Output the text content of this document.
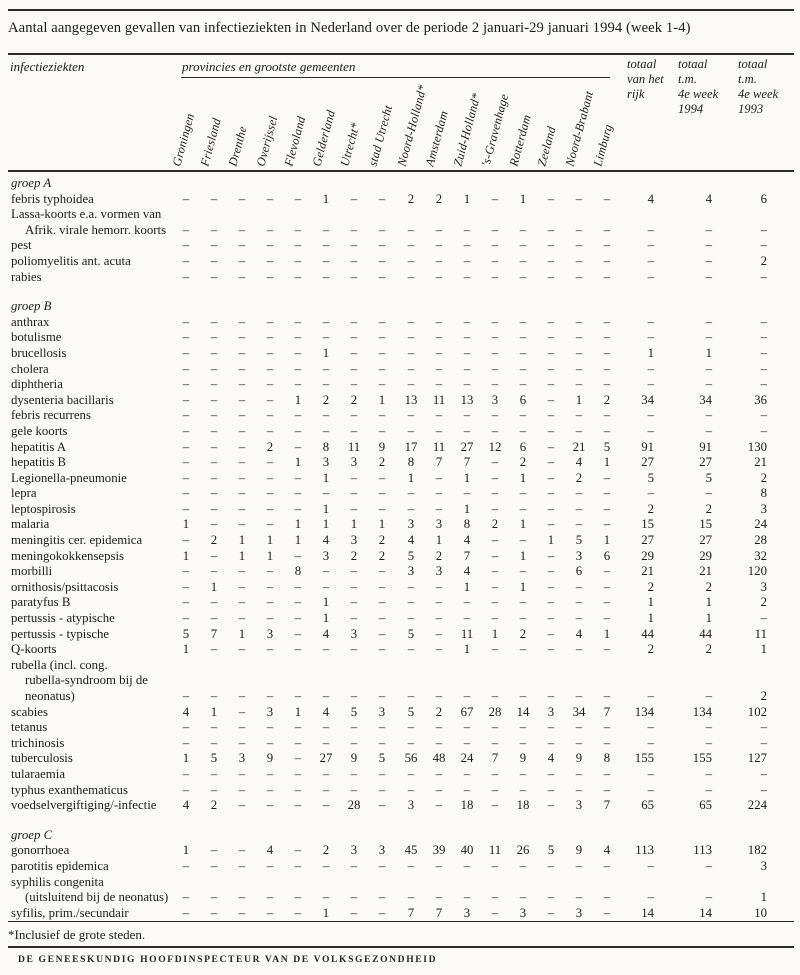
Aantal aangegeven gevallen van infectieziekten in Nederland over de periode 2 januari-29 januari 1994 (week 1-4)
infectieziekten	provincies en grootste gemeenten
Groningen Friesland Drenthe Overijssel Flevoland Gelderland Utrecht* stad Utrecht Noord-Holland*
Amsterdam Zuid-Holland*
's-Gravenhage
Rotterdam Zeeland Noord-Brabant
Limburg
totaal
van het
rijk
totaal
t.m.
4e week
1994
totaal
t.m.
4e week
1993
groep A
febris typhoidea	– – – – – 1 – – 2 2 1 – 1 – – –	4	4	6
Lassa-koorts e.a. vormen van
Afrik. virale hemorr. koorts – – – – – – – – – – – – – – – –	–	–	–
pest	– – – – – – – – – – – – – – – –	–	–	–
poliomyelitis ant. acuta	– – – – – – – – – – – – – – – –	–	–	2
rabies	– – – – – – – – – – – – – – – –	–	–	–
groep B
anthrax	– – – – – – – – – – – – – – – –	–	–	–
botulisme	– – – – – – – – – – – – – – – –	–	–	–
brucellosis	– – – – – 1 – – – – – – – – – –	1	1	–
cholera	– – – – – – – – – – – – – – – –	–	–	–
diphtheria	– – – – – – – – – – – – – – – –	–	–	–
dysenteria bacillaris	– – – – 1 2 2 1 13 11 13 3 6 – 1 2	34	34	36
febris recurrens	– – – – – – – – – – – – – – – –	–	–	–
gele koorts	– – – – – – – – – – – – – – – –	–	–	–
hepatitis A	– – – 2 – 8 11 9 17 11 27 12 6 – 21 5	91	91	130
hepatitis B	– – – – 1 3 3 2 8 7 7 – 2 – 4 1	27	27	21
Legionella-pneumonie	– – – – – 1 – – 1 – 1 – 1 – 2 –	5	5	2
lepra	– – – – – – – – – – – – – – – –	–	–	8
leptospirosis	– – – – – 1 – – – – 1 – – – – –	2	2	3
malaria	1 – – – 1 1 1 1 3 3 8 2 1 – – –	15	15	24
meningitis cer. epidemica	– 2 1 1 1 4 3 2 4 1 4 – – 1 5 1	27	27	28
meningokokkensepsis	1 – 1 1 – 3 2 2 5 2 7 – 1 – 3 6	29	29	32
morbilli	– – – – 8 – – – 3 3 4 – – – 6 –	21	21	120
ornithosis/psittacosis	– 1 – – – – – – – – 1 – 1 – – –	2	2	3
paratyfus B	– – – – – 1 – – – – – – – – – –	1	1	2
pertussis - atypische	– – – – – 1 – – – – – – – – – –	1	1	–
pertussis - typische	5 7 1 3 – 4 3 – 5 – 11 1 2 – 4 1	44	44	11
Q-koorts	1 – – – – – – – – – 1 – – – – –	2	2	1
rubella (incl. cong.
rubella-syndroom bij de
neonatus)	– – – – – – – – – – – – – – – –	–	–	2
scabies	4 1 – 3 1 4 5 3 5 2 67 28 14 3 34 7	134	134	102
tetanus	– – – – – – – – – – – – – – – –	–	–	–
trichinosis	– – – – – – – – – – – – – – – –	–	–	–
tuberculosis	1 5 3 9 – 27 9 5 56 48 24 7 9 4 9 8	155	155	127
tularaemia	– – – – – – – – – – – – – – – –	–	–	–
typhus exanthematicus	– – – – – – – – – – – – – – – –	–	–	–
voedselvergiftiging/-infectie 4 2 – – – – 28 – 3 – 18 – 18 – 3 7	65	65	224
groep C
gonorrhoea	1 – – 4 – 2 3 3 45 39 40 11 26 5 9 4	113	113	182
parotitis epidemica	– – – – – – – – – – – – – – – –	–	–	3
syphilis congenita
(uitsluitend bij de neonatus) – – – – – – – – – – – – – – – –	–	–	1
syfilis, prim./secundair	– – – – – 1 – – 7 7 3 – 3 – 3 –	14	14	10
*Inclusief de grote steden.
DE GENEESKUNDIG HOOFDINSPECTEUR VAN DE VOLKSGEZONDHEID
